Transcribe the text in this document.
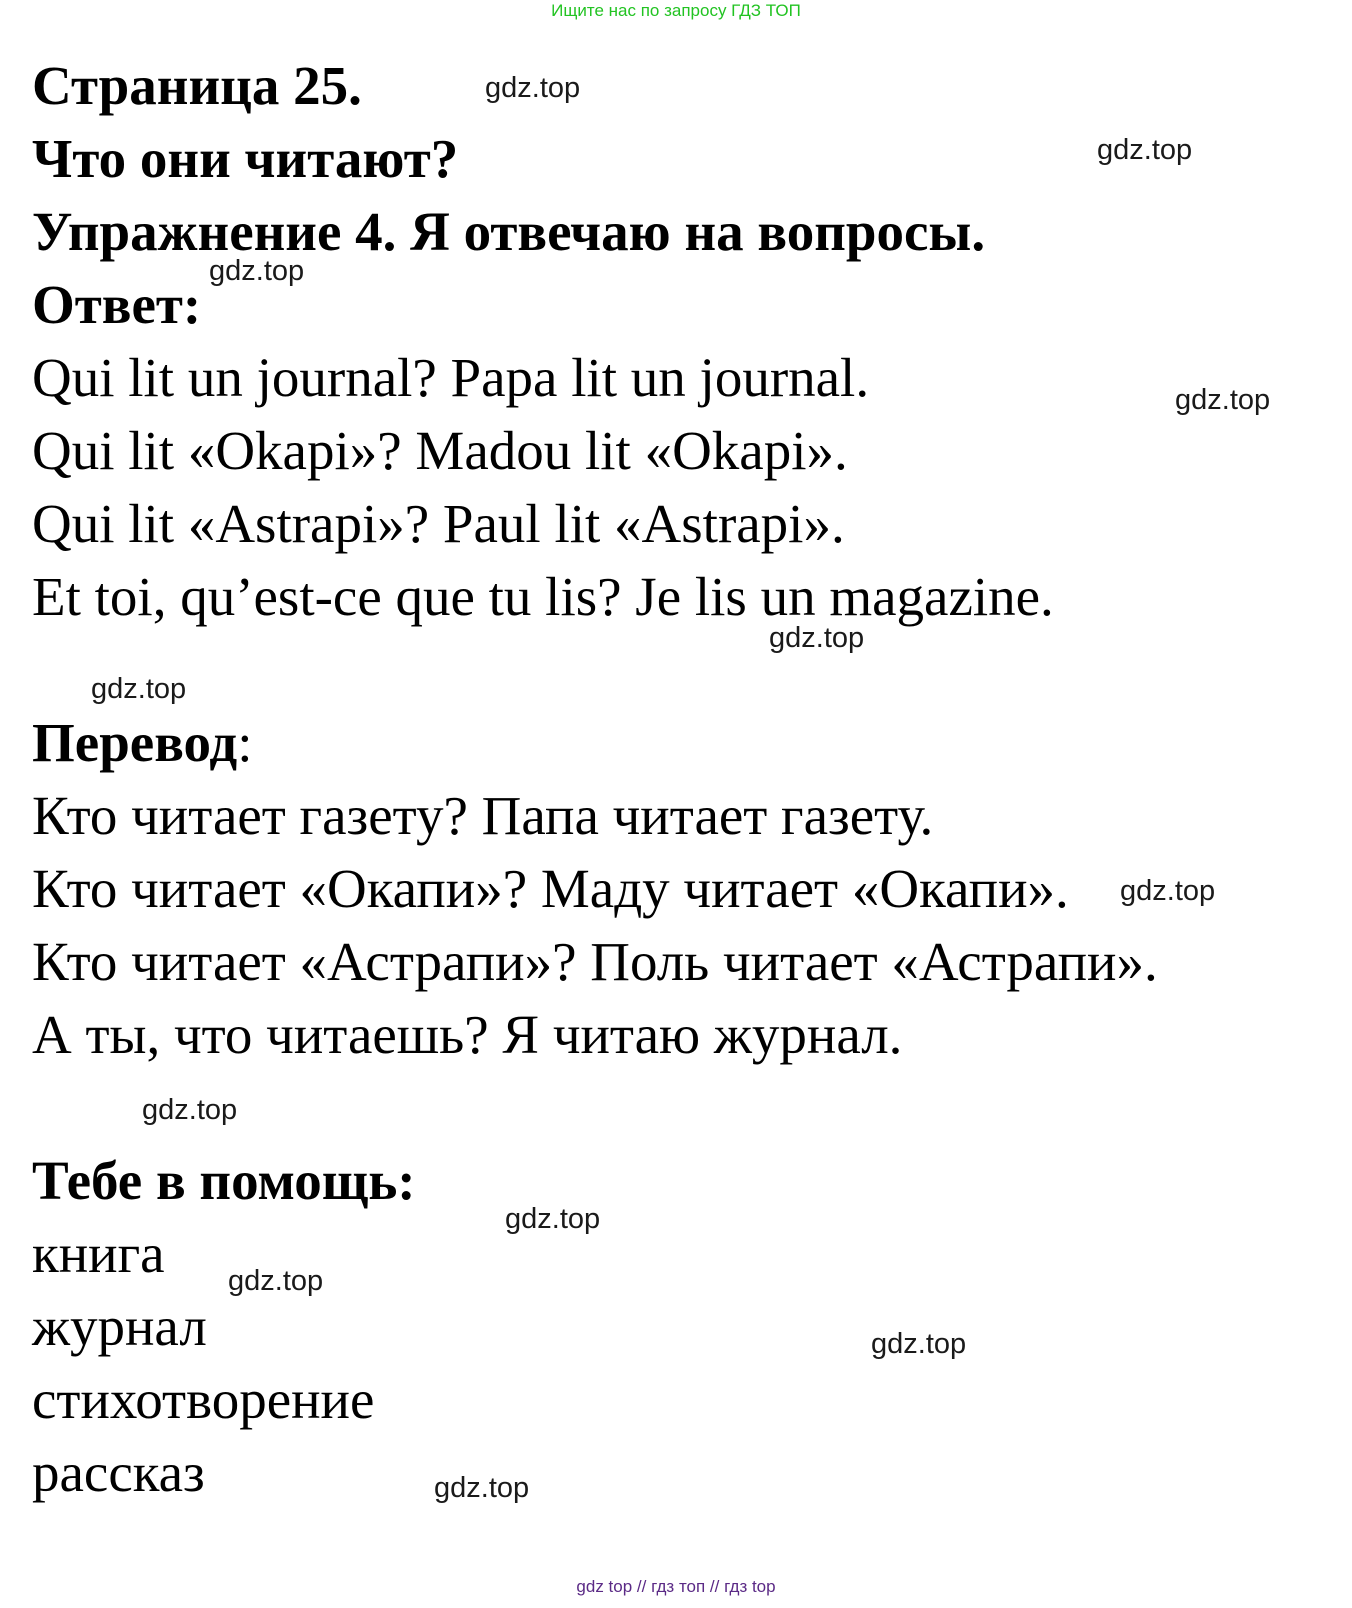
Ищите нас по запросу ГДЗ ТОП
Страница 25.
Что они читают?
Упражнение 4. Я отвечаю на вопросы.
Ответ:
Qui lit un journal? Papa lit un journal.
Qui lit «Okapi»? Madou lit «Okapi».
Qui lit «Astrapi»? Paul lit «Astrapi».
Et toi, qu’est-ce que tu lis? Je lis un magazine.
Перевод:
Кто читает газету? Папа читает газету.
Кто читает «Окапи»? Маду читает «Окапи».
Кто читает «Астрапи»? Поль читает «Астрапи».
А ты, что читаешь? Я читаю журнал.
Тебе в помощь:
книга
журнал
стихотворение
рассказ
gdz.top
gdz.top
gdz.top
gdz.top
gdz.top
gdz.top
gdz.top
gdz.top
gdz.top
gdz.top
gdz.top
gdz.top
gdz top // гдз топ // гдз top
